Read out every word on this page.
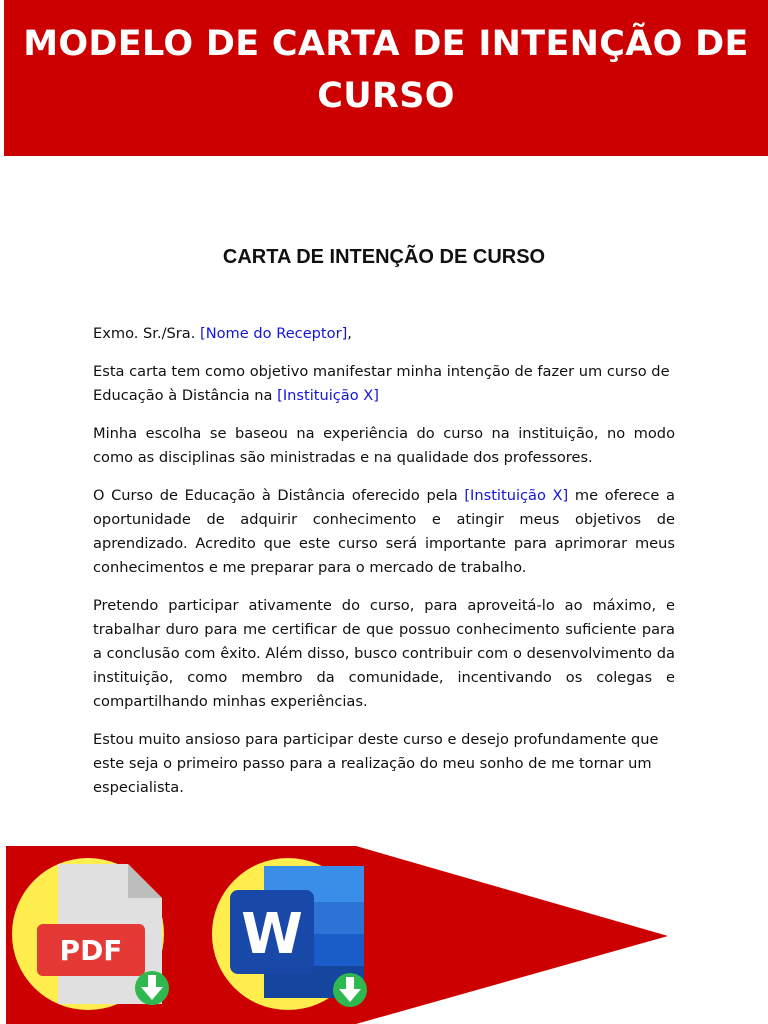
MODELO DE CARTA DE INTENÇÃO DE CURSO
CARTA DE INTENÇÃO DE CURSO

Exmo. Sr./Sra. [Nome do Receptor],

Esta carta tem como objetivo manifestar minha intenção de fazer um curso de Educação à Distância na [Instituição X]

Minha escolha se baseou na experiência do curso na instituição, no modo como as disciplinas são ministradas e na qualidade dos professores.

O Curso de Educação à Distância oferecido pela [Instituição X] me oferece a oportunidade de adquirir conhecimento e atingir meus objetivos de aprendizado. Acredito que este curso será importante para aprimorar meus conhecimentos e me preparar para o mercado de trabalho.

Pretendo participar ativamente do curso, para aproveitá-lo ao máximo, e trabalhar duro para me certificar de que possuo conhecimento suficiente para a conclusão com êxito. Além disso, busco contribuir com o desenvolvimento da instituição, como membro da comunidade, incentivando os colegas e compartilhando minhas experiências.

Estou muito ansioso para participar deste curso e desejo profundamente que este seja o primeiro passo para a realização do meu sonho de me tornar um especialista.

PDF W
